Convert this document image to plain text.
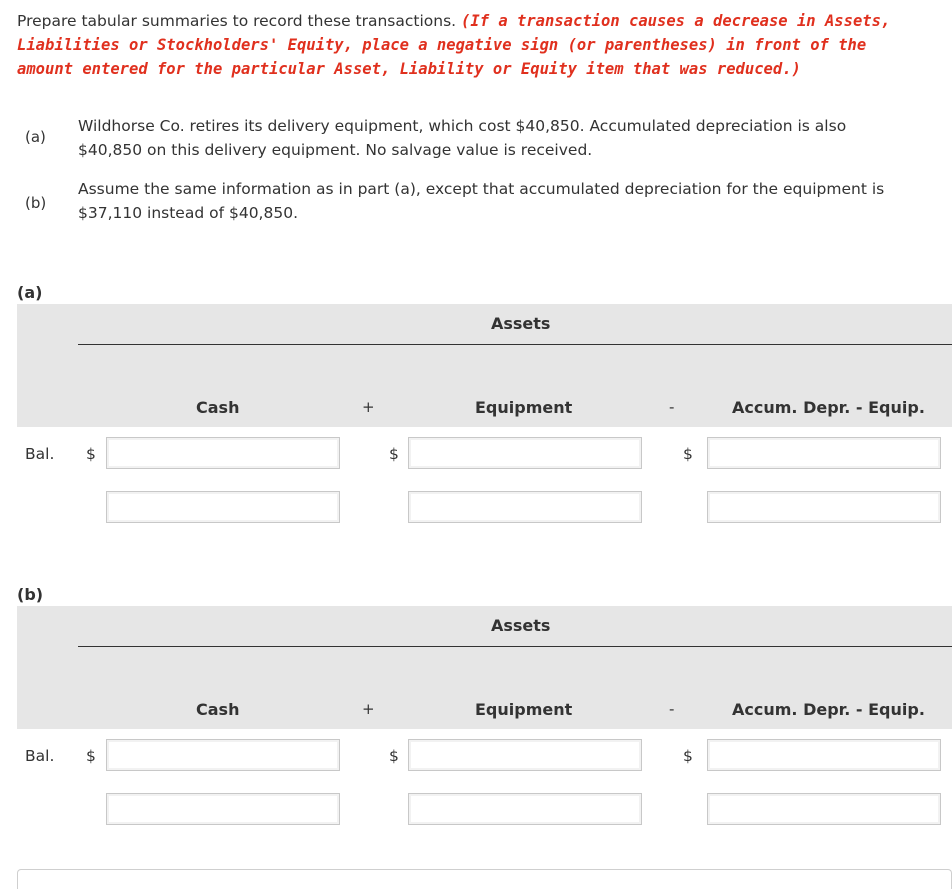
Prepare tabular summaries to record these transactions. (If a transaction causes a decrease in Assets, Liabilities or Stockholders' Equity, place a negative sign (or parentheses) in front of the amount entered for the particular Asset, Liability or Equity item that was reduced.)
(a)
Wildhorse Co. retires its delivery equipment, which cost $40,850. Accumulated depreciation is also $40,850 on this delivery equipment. No salvage value is received.
(b)
Assume the same information as in part (a), except that accumulated depreciation for the equipment is $37,110 instead of $40,850.
(a)
Assets
Cash	+	Equipment	-	Accum. Depr. - Equip.
Bal. $	$	$
(b)
Assets
Cash	+	Equipment	-	Accum. Depr. - Equip.
Bal. $	$	$
